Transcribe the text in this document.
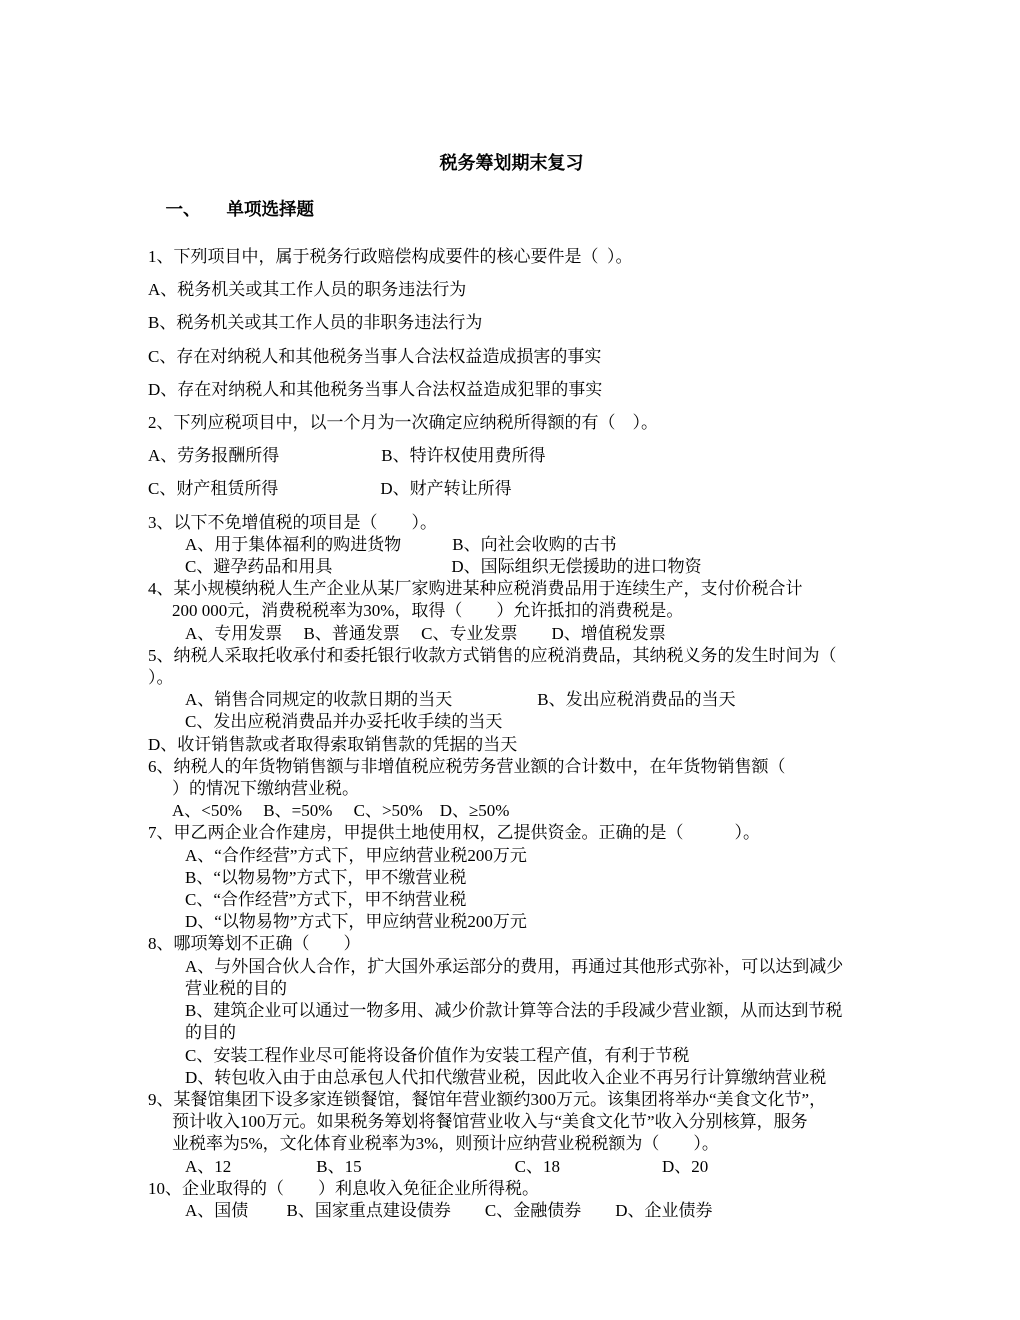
税务筹划期末复习

一、 单项选择题

1、下列项目中，属于税务行政赔偿构成要件的核心要件是（  ）。
A、税务机关或其工作人员的职务违法行为
B、税务机关或其工作人员的非职务违法行为
C、存在对纳税人和其他税务当事人合法权益造成损害的事实
D、存在对纳税人和其他税务当事人合法权益造成犯罪的事实
2、下列应税项目中，以一个月为一次确定应纳税所得额的有（　）。
A、劳务报酬所得　　　　　　B、特许权使用费所得
C、财产租赁所得　　　　　　D、财产转让所得
3、以下不免增值税的项目是（　　）。
A、用于集体福利的购进货物　　　B、向社会收购的古书
C、避孕药品和用具　　　　　　　D、国际组织无偿援助的进口物资
4、某小规模纳税人生产企业从某厂家购进某种应税消费品用于连续生产，支付价税合计
200 000元，消费税税率为30%，取得（　　）允许抵扣的消费税是。
A、专用发票　 B、普通发票　 C、专业发票　　D、增值税发票
5、纳税人采取托收承付和委托银行收款方式销售的应税消费品，其纳税义务的发生时间为（
）。
A、销售合同规定的收款日期的当天　　　　　B、发出应税消费品的当天
C、发出应税消费品并办妥托收手续的当天
D、收讦销售款或者取得索取销售款的凭据的当天
6、纳税人的年货物销售额与非增值税应税劳务营业额的合计数中，在年货物销售额（
）的情况下缴纳营业税。
A、<50%　 B、=50%　 C、>50%　D、≥50%
7、甲乙两企业合作建房，甲提供土地使用权，乙提供资金。正确的是（　　　）。
A、“合作经营”方式下，甲应纳营业税200万元
B、“以物易物”方式下，甲不缴营业税
C、“合作经营”方式下，甲不纳营业税
D、“以物易物”方式下，甲应纳营业税200万元
8、哪项筹划不正确（　　）
A、与外国合伙人合作，扩大国外承运部分的费用，再通过其他形式弥补，可以达到减少
营业税的目的
B、建筑企业可以通过一物多用、减少价款计算等合法的手段减少营业额，从而达到节税
的目的
C、安装工程作业尽可能将设备价值作为安装工程产值，有利于节税
D、转包收入由于由总承包人代扣代缴营业税，因此收入企业不再另行计算缴纳营业税
9、某餐馆集团下设多家连锁餐馆，餐馆年营业额约300万元。该集团将举办“美食文化节”，
预计收入100万元。如果税务筹划将餐馆营业收入与“美食文化节”收入分别核算，服务
业税率为5%，文化体育业税率为3%，则预计应纳营业税税额为（　　）。
A、12　　　　　B、15　　　　　　　　　C、18　　　　　　D、20
10、企业取得的（　　）利息收入免征企业所得税。
A、国债　　 B、国家重点建设债券　　C、金融债券　　D、企业债券
